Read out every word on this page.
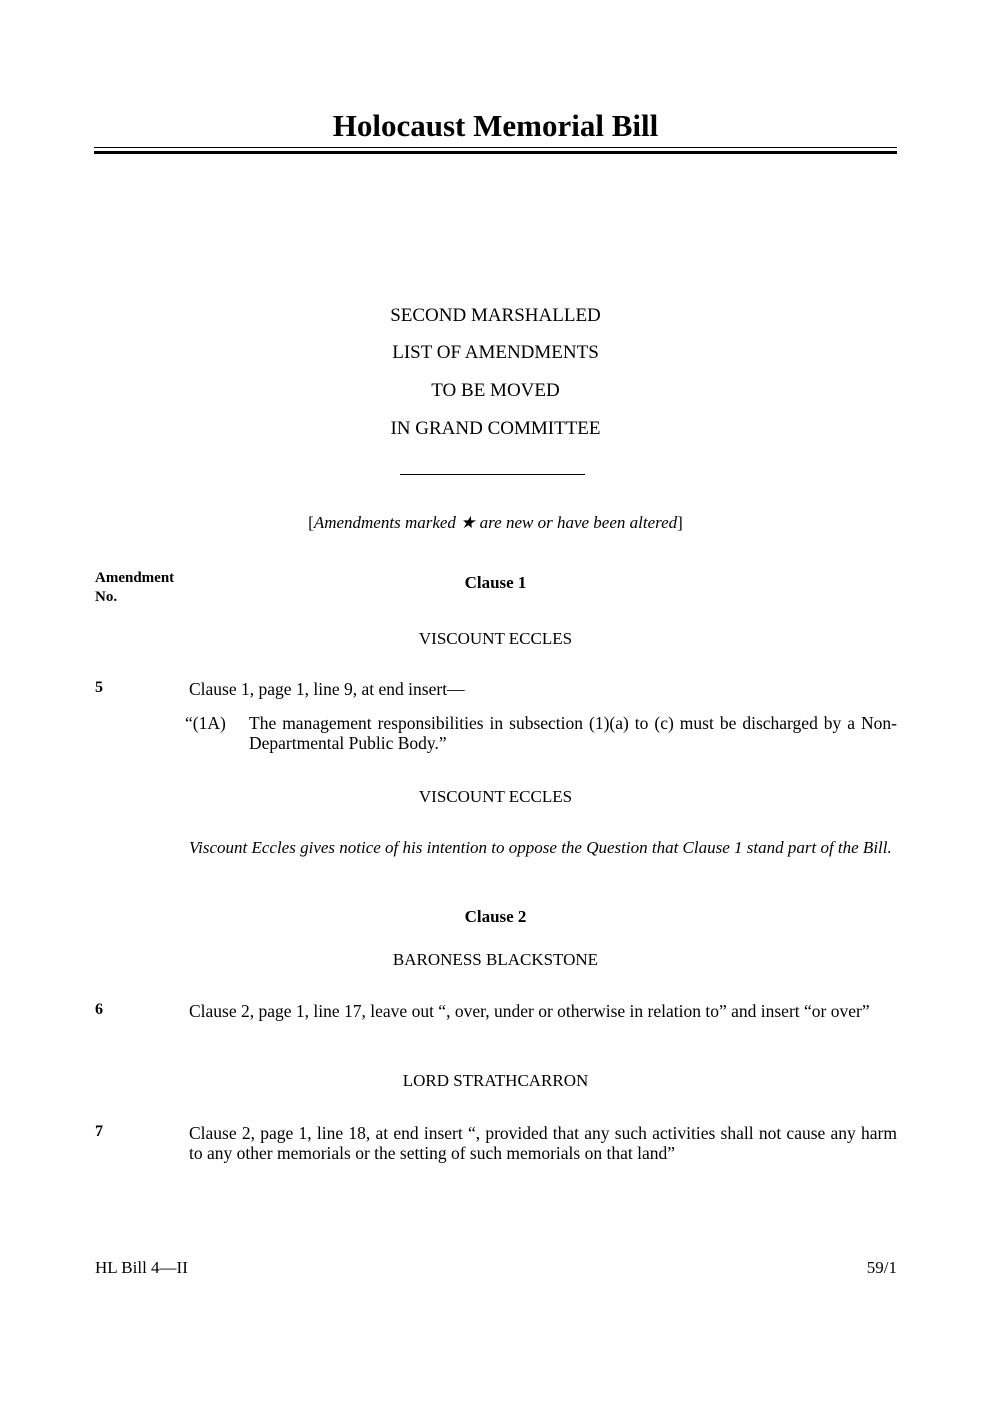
Holocaust Memorial Bill
SECOND MARSHALLED
LIST OF AMENDMENTS
TO BE MOVED
IN GRAND COMMITTEE
[Amendments marked ★ are new or have been altered]
Amendment
No.
Clause 1
VISCOUNT ECCLES
5	Clause 1, page 1, line 9, at end insert—
“(1A) The management responsibilities in subsection (1)(a) to (c) must be discharged by a Non-Departmental Public Body.”
VISCOUNT ECCLES
Viscount Eccles gives notice of his intention to oppose the Question that Clause 1 stand part of the Bill.
Clause 2
BARONESS BLACKSTONE
6	Clause 2, page 1, line 17, leave out “, over, under or otherwise in relation to” and insert “or over”
LORD STRATHCARRON
7	Clause 2, page 1, line 18, at end insert “, provided that any such activities shall not cause any harm to any other memorials or the setting of such memorials on that land”
HL Bill 4—II	59/1
